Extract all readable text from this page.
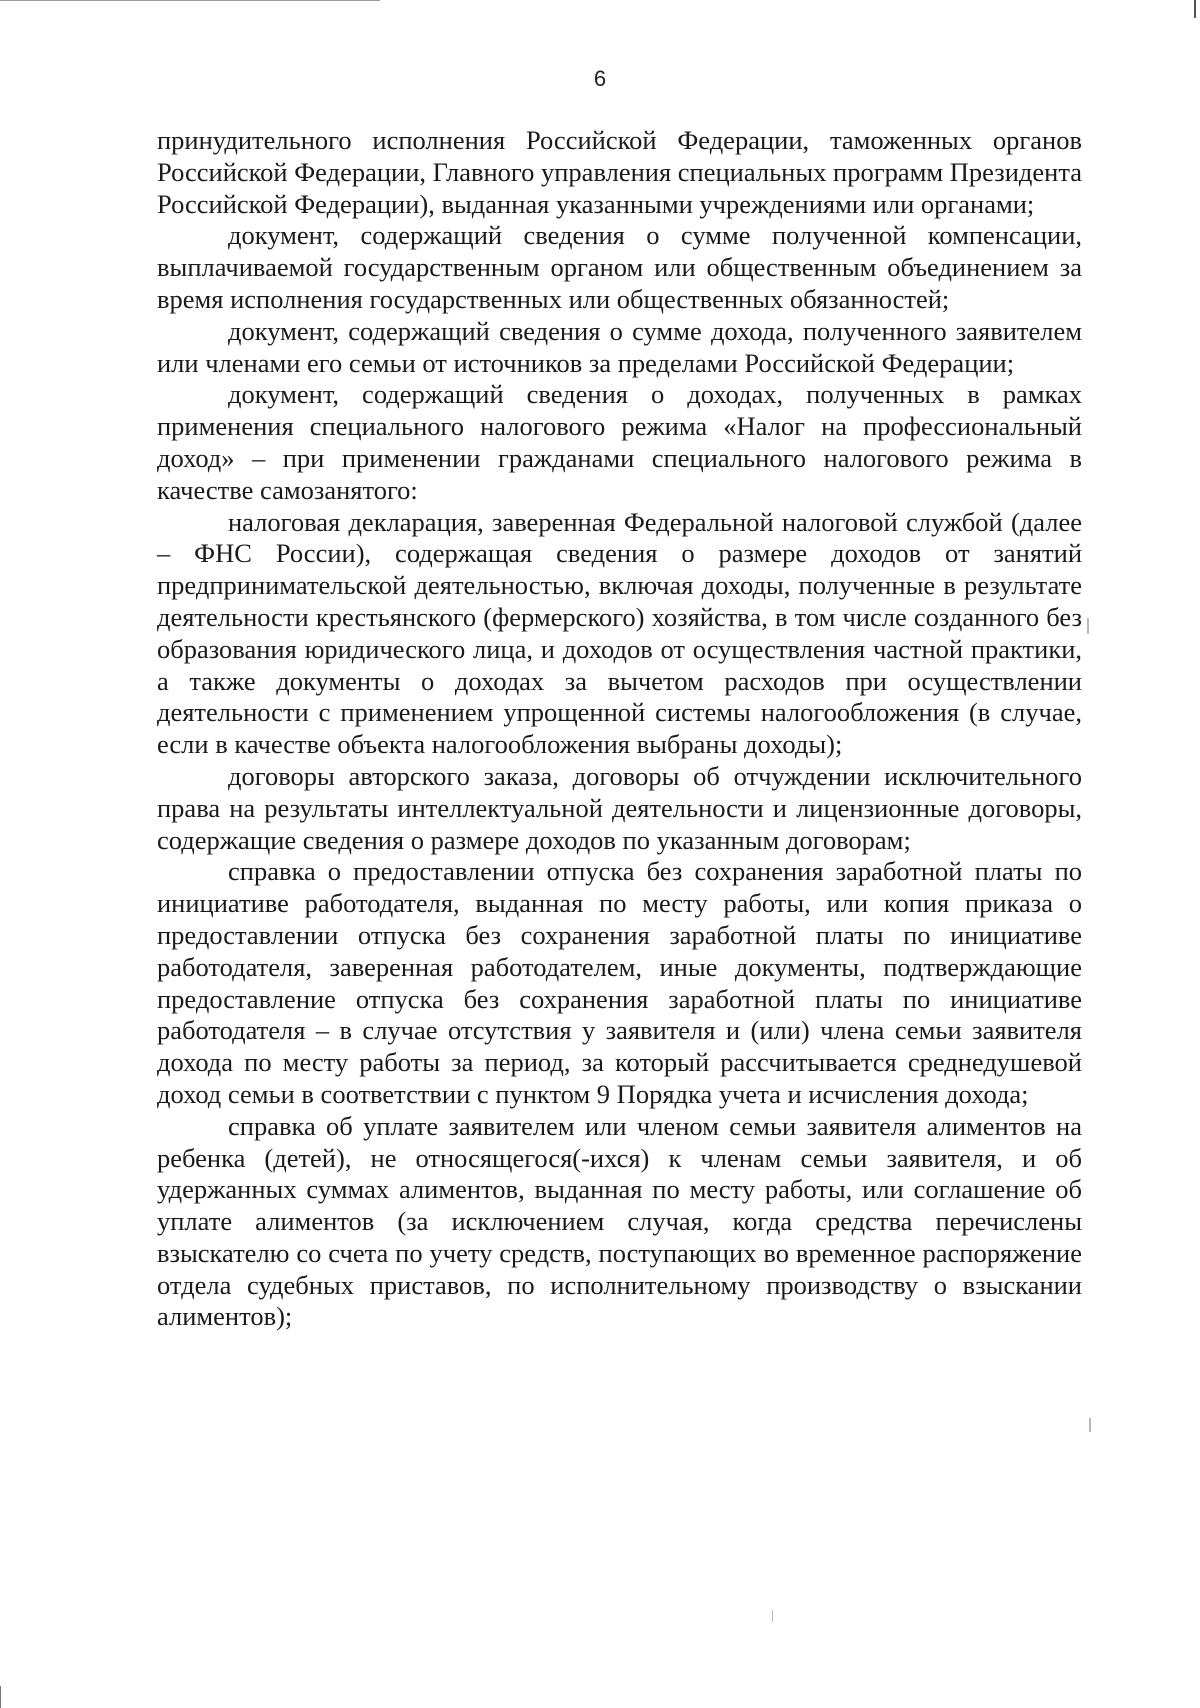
6

принудительного исполнения Российской Федерации, таможенных органов Российской Федерации, Главного управления специальных программ Президента Российской Федерации), выданная указанными учреждениями или органами;

документ, содержащий сведения о сумме полученной компенсации, выплачиваемой государственным органом или общественным объединением за время исполнения государственных или общественных обязанностей;

документ, содержащий сведения о сумме дохода, полученного заявителем или членами его семьи от источников за пределами Российской Федерации;

документ, содержащий сведения о доходах, полученных в рамках применения специального налогового режима «Налог на профессиональный доход» – при применении гражданами специального налогового режима в качестве самозанятого:

налоговая декларация, заверенная Федеральной налоговой службой (далее – ФНС России), содержащая сведения о размере доходов от занятий предпринимательской деятельностью, включая доходы, полученные в результате деятельности крестьянского (фермерского) хозяйства, в том числе созданного без образования юридического лица, и доходов от осуществления частной практики, а также документы о доходах за вычетом расходов при осуществлении деятельности с применением упрощенной системы налогообложения (в случае, если в качестве объекта налогообложения выбраны доходы);

договоры авторского заказа, договоры об отчуждении исключительного права на результаты интеллектуальной деятельности и лицензионные договоры, содержащие сведения о размере доходов по указанным договорам;

справка о предоставлении отпуска без сохранения заработной платы по инициативе работодателя, выданная по месту работы, или копия приказа о предоставлении отпуска без сохранения заработной платы по инициативе работодателя, заверенная работодателем, иные документы, подтверждающие предоставление отпуска без сохранения заработной платы по инициативе работодателя – в случае отсутствия у заявителя и (или) члена семьи заявителя дохода по месту работы за период, за который рассчитывается среднедушевой доход семьи в соответствии с пунктом 9 Порядка учета и исчисления дохода;

справка об уплате заявителем или членом семьи заявителя алиментов на ребенка (детей), не относящегося(-ихся) к членам семьи заявителя, и об удержанных суммах алиментов, выданная по месту работы, или соглашение об уплате алиментов (за исключением случая, когда средства перечислены взыскателю со счета по учету средств, поступающих во временное распоряжение отдела судебных приставов, по исполнительному производству о взыскании алиментов);
